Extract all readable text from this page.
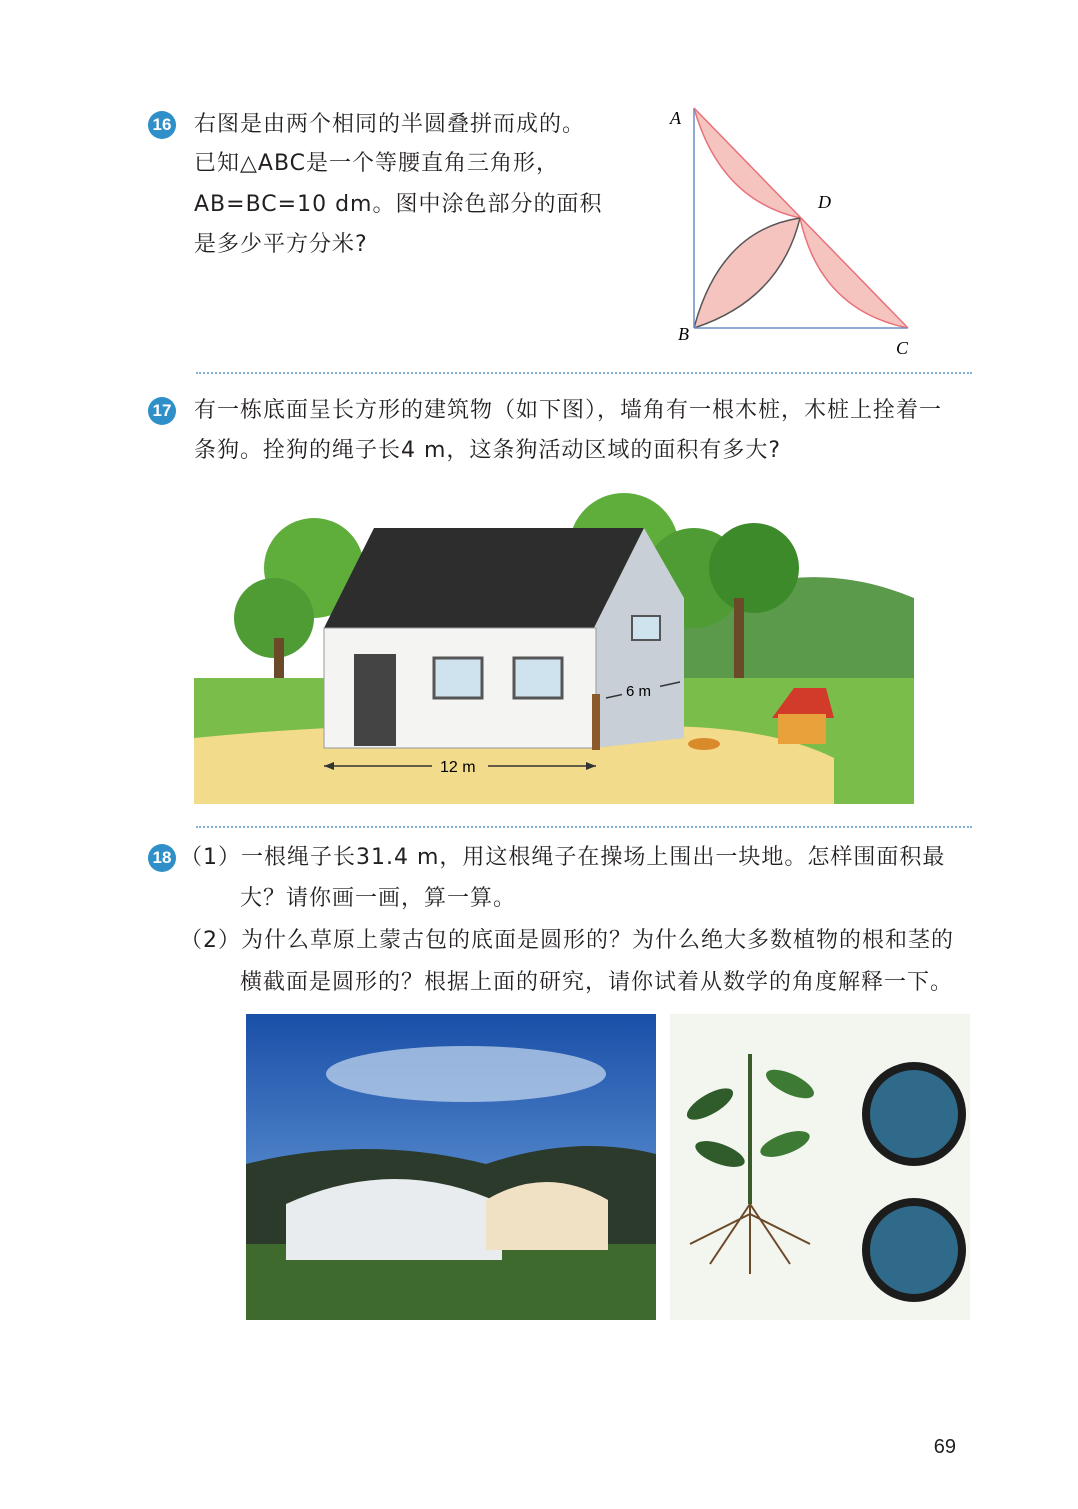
16 右图是由两个相同的半圆叠拼而成的。
已知△ABC是一个等腰直角三角形，
AB=BC=10 dm。图中涂色部分的面积
是多少平方分米?
A
B
C
D
17 有一栋底面呈长方形的建筑物（如下图），墙角有一根木桩，木桩上拴着一
条狗。拴狗的绳子长4 m，这条狗活动区域的面积有多大?
12 m
6 m
18 （1）一根绳子长31.4 m，用这根绳子在操场上围出一块地。怎样围面积最
大？请你画一画，算一算。
（2）为什么草原上蒙古包的底面是圆形的？为什么绝大多数植物的根和茎的
横截面是圆形的？根据上面的研究，请你试着从数学的角度解释一下。
69
